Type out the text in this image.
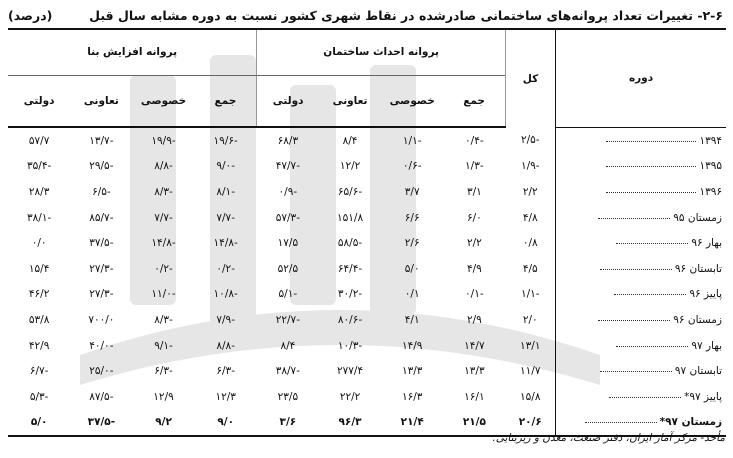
۲-۶- تغییرات تعداد پروانه‌های ساختمانی صادرشده در نقاط شهری کشور نسبت به دوره مشابه سال قبل
(درصد)
دوره	کل	پروانه احداث ساختمان				پروانه افزایش بنا			
		جمع	خصوصی	تعاونی	دولتی	جمع	خصوصی	تعاونی	دولتی
۱۳۹۴	-۲/۵	-۰/۴	-۱/۱	۸/۴	۶۸/۳	-۱۹/۶	-۱۹/۹	-۱۳/۷	۵۷/۷
۱۳۹۵	-۱/۹	-۱/۳	-۰/۶	۱۲/۲	-۴۷/۷	-۹/۰	-۸/۸	-۲۹/۵	-۳۵/۴
۱۳۹۶	۲/۲	۳/۱	۳/۷	-۶۵/۶	-۰/۹	-۸/۱	-۸/۳	-۶/۵	۲۸/۳
زمستان ۹۵	۴/۸	۶/۰	۶/۶	۱۵۱/۸	-۵۷/۳	-۷/۷	-۷/۷	-۸۵/۷	-۳۸/۱
بهار ۹۶	۰/۸	۲/۲	۲/۶	-۵۸/۵	۱۷/۵	-۱۴/۸	-۱۴/۸	-۳۷/۵	۰/۰
تابستان ۹۶	۴/۵	۴/۹	۵/۰	-۶۴/۴	۵۲/۵	-۰/۲	-۰/۲	-۲۷/۳	۱۵/۴
پاییز ۹۶	-۱/۱	-۰/۱	۰/۱	-۳۰/۲	-۵/۱	-۱۰/۸	-۱۱/۰	-۲۷/۳	۴۶/۲
زمستان ۹۶	۲/۰	۲/۹	۴/۱	-۸۰/۶	-۲۲/۷	-۷/۹	-۸/۳	۷۰۰/۰	۵۳/۸
بهار ۹۷	۱۳/۱	۱۴/۷	۱۴/۹	-۱۰/۳	۸/۴	-۸/۸	-۹/۱	-۴۰/۰	۴۲/۹
تابستان ۹۷	۱۱/۷	۱۳/۳	۱۳/۳	۲۷۷/۴	-۳۸/۷	-۶/۳	-۶/۳	-۲۵/۰	-۶/۷
پاییز ۹۷*	۱۵/۸	۱۶/۱	۱۶/۳	۲۲/۲	۲۳/۵	۱۲/۳	۱۲/۹	-۸۷/۵	-۵/۳
زمستان ۹۷*	۲۰/۶	۲۱/۵	۲۱/۴	۹۶/۳	۳/۶	۹/۰	۹/۲	-۳۷/۵	۵/۰
مأخذ- مرکز آمار ایران، دفتر صنعت، معدن و زیربنایی.
